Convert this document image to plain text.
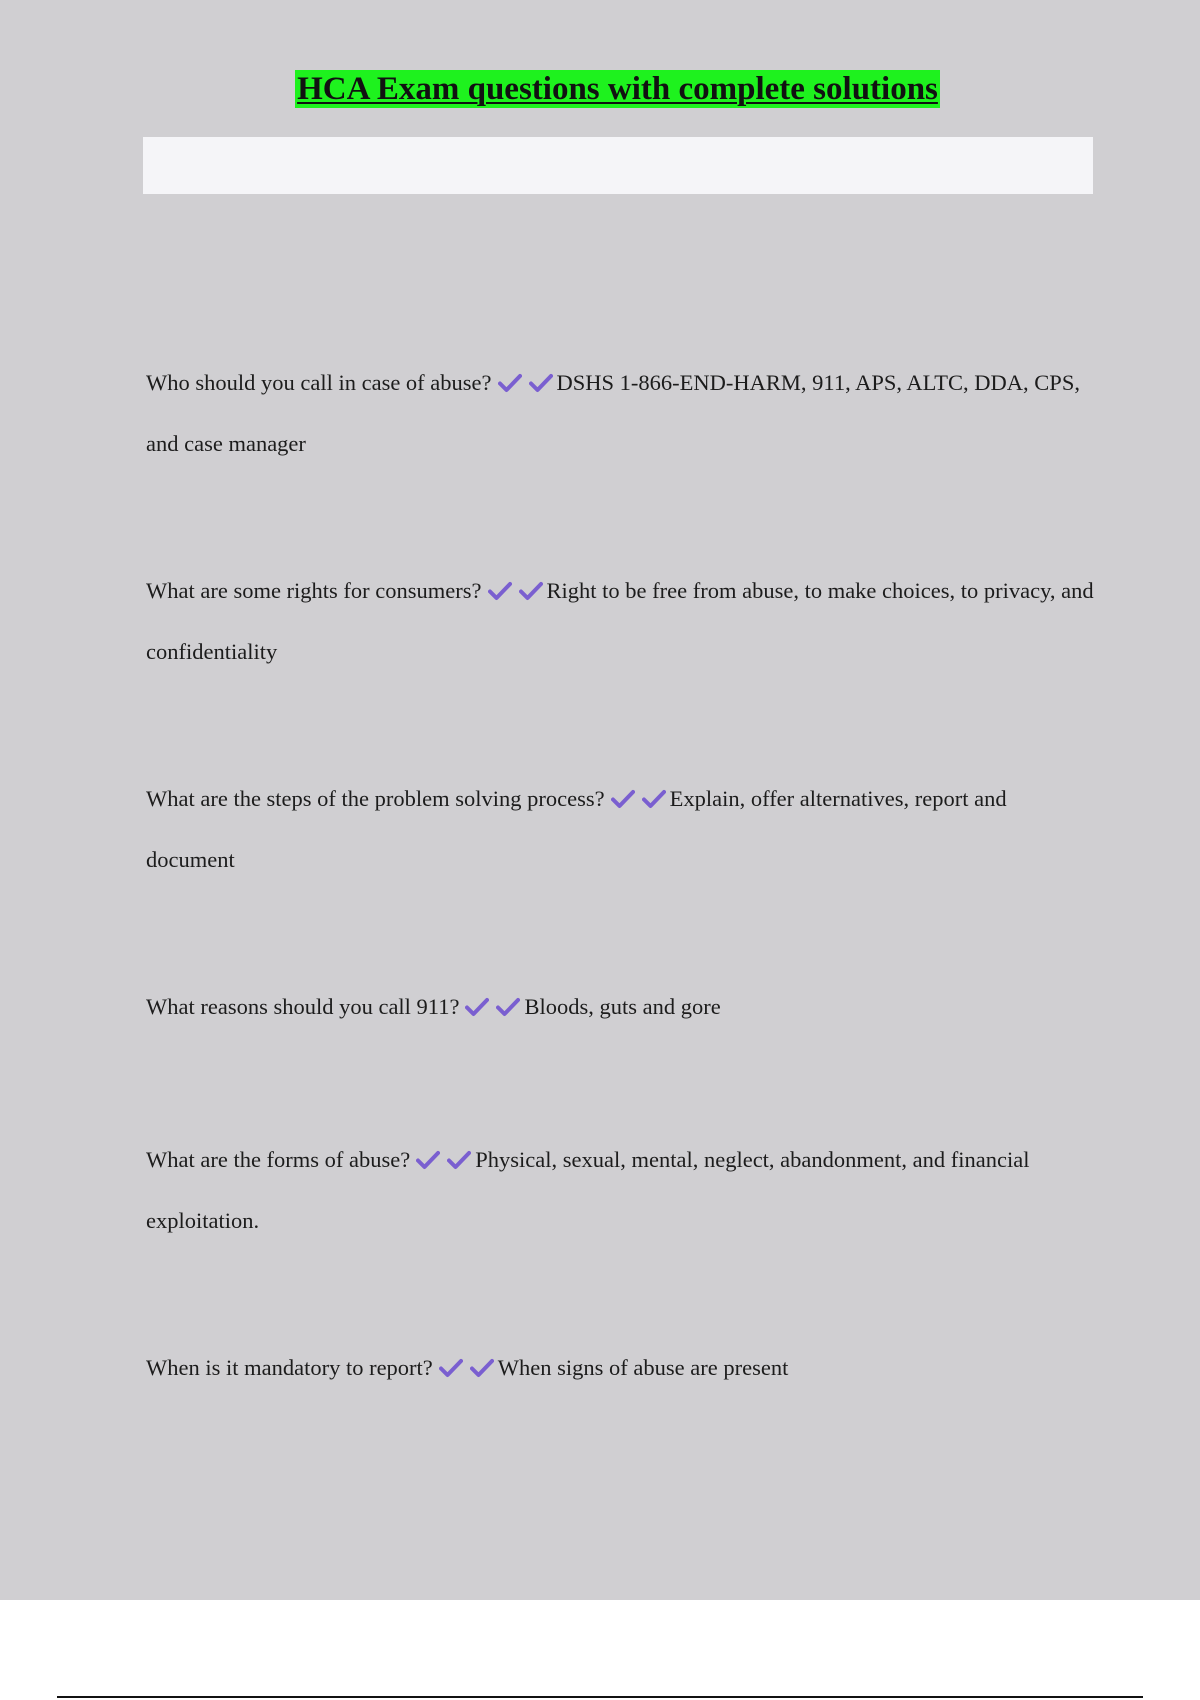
HCA Exam questions with complete solutions

Who should you call in case of abuse?	DSHS 1-866-END-HARM, 911, APS, ALTC, DDA, CPS, and case manager

What are some rights for consumers?	Right to be free from abuse, to make choices, to privacy, and confidentiality

What are the steps of the problem solving process?	Explain, offer alternatives, report and document

What reasons should you call 911?	Bloods, guts and gore

What are the forms of abuse?	Physical, sexual, mental, neglect, abandonment, and financial exploitation.

When is it mandatory to report?	When signs of abuse are present
